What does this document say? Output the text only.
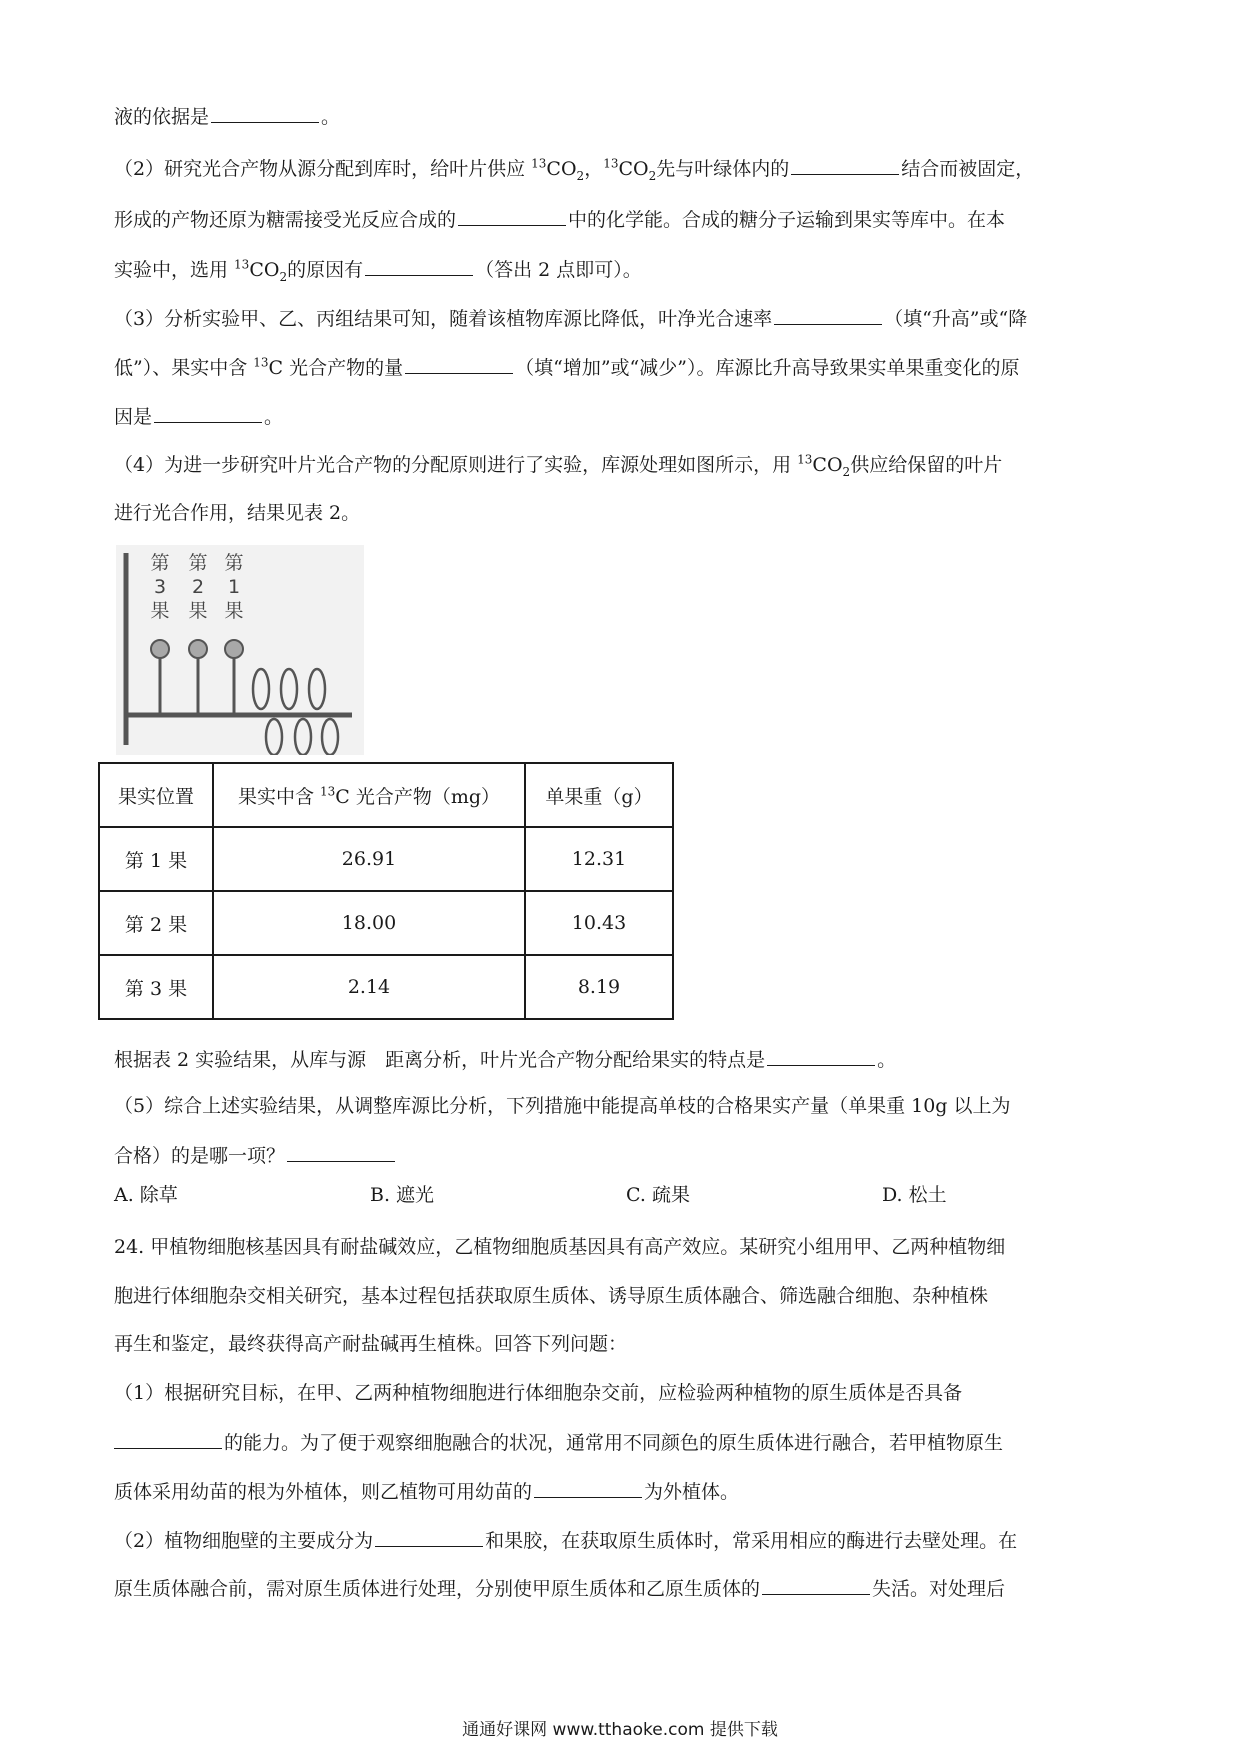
液的依据是	。
（2）研究光合产物从源分配到库时，给叶片供应 $^{13}CO_2$，$^{13}CO_2$先与叶绿体内的	结合而被固定，
形成的产物还原为糖需接受光反应合成的	中的化学能。合成的糖分子运输到果实等库中。在本
实验中，选用 $^{13}CO_2$的原因有	（答出 2 点即可）。
（3）分析实验甲、乙、丙组结果可知，随着该植物库源比降低，叶净光合速率	（填“升高”或“降
低”）、果实中含 $^{13}$C 光合产物的量	（填“增加”或“减少”）。库源比升高导致果实单果重变化的原
因是	。
（4）为进一步研究叶片光合产物的分配原则进行了实验，库源处理如图所示，用 $^{13}CO_2$供应给保留的叶片
进行光合作用，结果见表 2。
第
3
果
第
2
果
第
1
果
果实位置	果实中含 $^{13}$C 光合产物（mg）	单果重（g）
第 1 果	26.91	12.31
第 2 果	18.00	10.43
第 3 果	2.14	8.19
根据表 2 实验结果，从库与源　距离分析，叶片光合产物分配给果实的特点是	。
（5）综合上述实验结果，从调整库源比分析，下列措施中能提高单枝的合格果实产量（单果重 10g 以上为
合格）的是哪一项？
A. 除草	B. 遮光	C. 疏果	D. 松土
24. 甲植物细胞核基因具有耐盐碱效应，乙植物细胞质基因具有高产效应。某研究小组用甲、乙两种植物细
胞进行体细胞杂交相关研究，基本过程包括获取原生质体、诱导原生质体融合、筛选融合细胞、杂种植株
再生和鉴定，最终获得高产耐盐碱再生植株。回答下列问题：
（1）根据研究目标，在甲、乙两种植物细胞进行体细胞杂交前，应检验两种植物的原生质体是否具备
的能力。为了便于观察细胞融合的状况，通常用不同颜色的原生质体进行融合，若甲植物原生
质体采用幼苗的根为外植体，则乙植物可用幼苗的	为外植体。
（2）植物细胞壁的主要成分为	和果胶，在获取原生质体时，常采用相应的酶进行去壁处理。在
原生质体融合前，需对原生质体进行处理，分别使甲原生质体和乙原生质体的	失活。对处理后
通通好课网 www.tthaoke.com 提供下载
